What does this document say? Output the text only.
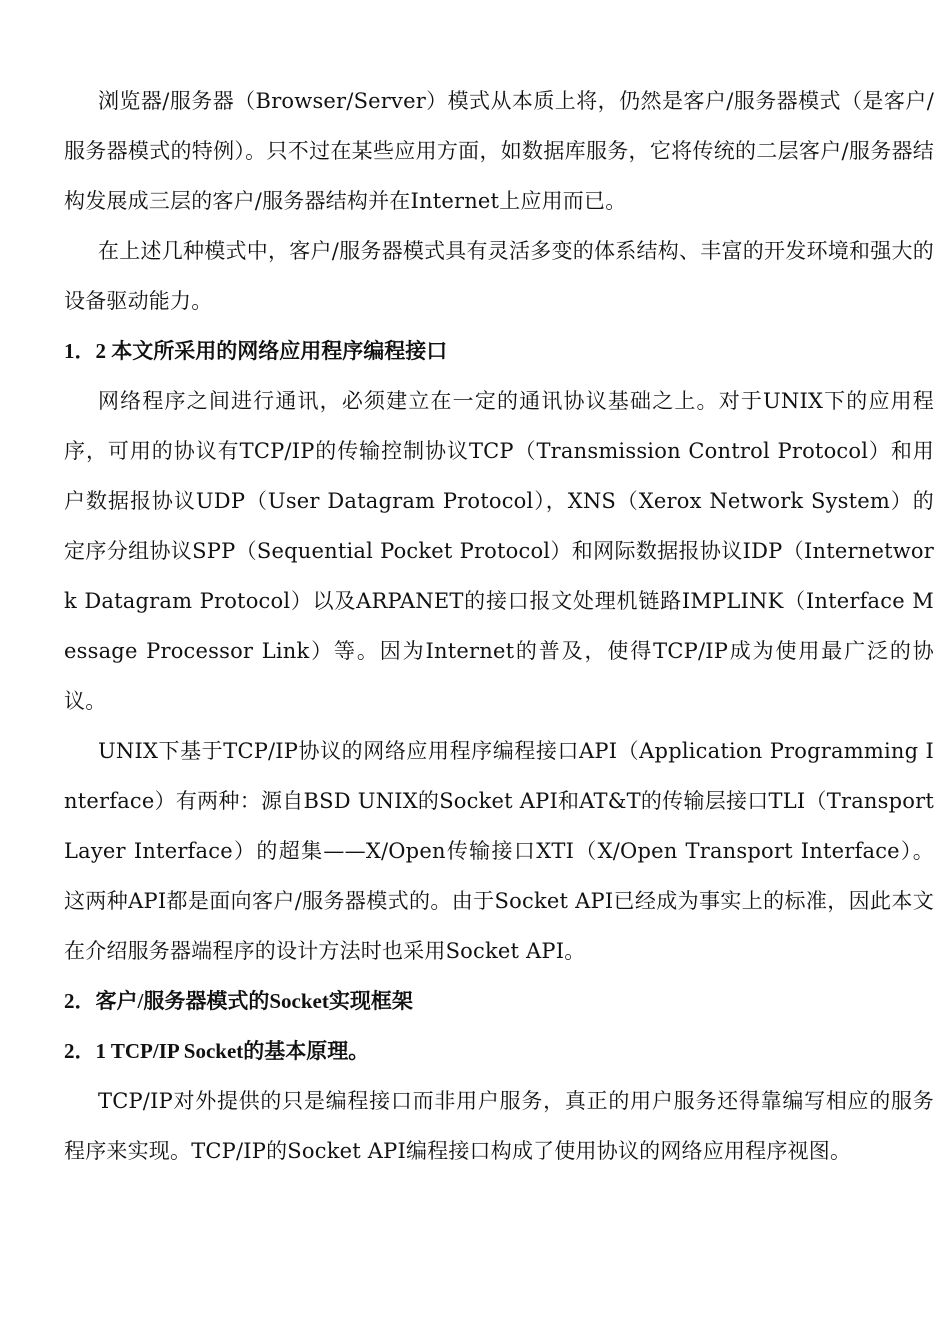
浏览器/服务器（Browser/Server）模式从本质上将，仍然是客户/服务器模式（是客户/服务器模式的特例）。只不过在某些应用方面，如数据库服务，它将传统的二层客户/服务器结构发展成三层的客户/服务器结构并在Internet上应用而已。

在上述几种模式中，客户/服务器模式具有灵活多变的体系结构、丰富的开发环境和强大的设备驱动能力。

1．2 本文所采用的网络应用程序编程接口

网络程序之间进行通讯，必须建立在一定的通讯协议基础之上。对于UNIX下的应用程序，可用的协议有TCP/IP的传输控制协议TCP（Transmission Control Protocol）和用户数据报协议UDP（User Datagram Protocol），XNS（Xerox Network System）的定序分组协议SPP（Sequential Pocket Protocol）和网际数据报协议IDP（Internetwork Datagram Protocol）以及ARPANET的接口报文处理机链路IMPLINK（Interface Message Processor Link）等。因为Internet的普及，使得TCP/IP成为使用最广泛的协议。

UNIX下基于TCP/IP协议的网络应用程序编程接口API（Application Programming Interface）有两种：源自BSD UNIX的Socket API和AT&T的传输层接口TLI（Transport Layer Interface）的超集——X/Open传输接口XTI（X/Open Transport Interface）。这两种API都是面向客户/服务器模式的。由于Socket API已经成为事实上的标准，因此本文在介绍服务器端程序的设计方法时也采用Socket API。

2．客户/服务器模式的Socket实现框架
2．1 TCP/IP Socket的基本原理。

TCP/IP对外提供的只是编程接口而非用户服务，真正的用户服务还得靠编写相应的服务程序来实现。TCP/IP的Socket API编程接口构成了使用协议的网络应用程序视图。
